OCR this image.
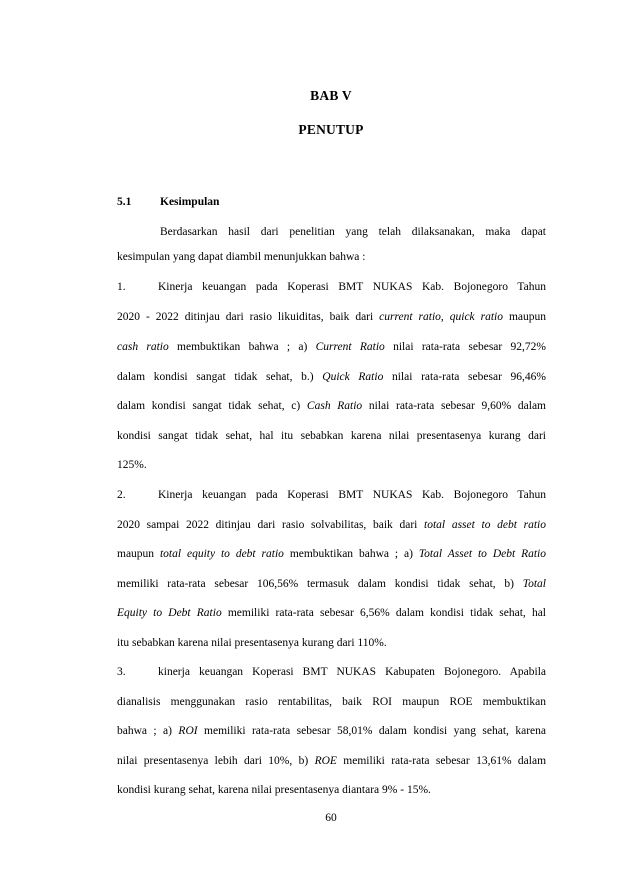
BAB V
PENUTUP
5.1 Kesimpulan
Berdasarkan hasil dari penelitian yang telah dilaksanakan, maka dapat
kesimpulan yang dapat diambil menunjukkan bahwa :
1.	Kinerja keuangan pada Koperasi BMT NUKAS Kab. Bojonegoro Tahun
2020 - 2022 ditinjau dari rasio likuiditas, baik dari current ratio, quick ratio maupun
cash ratio membuktikan bahwa ; a) Current Ratio nilai rata-rata sebesar 92,72%
dalam kondisi sangat tidak sehat, b.) Quick Ratio nilai rata-rata sebesar 96,46%
dalam kondisi sangat tidak sehat, c) Cash Ratio nilai rata-rata sebesar 9,60% dalam
kondisi sangat tidak sehat, hal itu sebabkan karena nilai presentasenya kurang dari
125%.
2.	Kinerja keuangan pada Koperasi BMT NUKAS Kab. Bojonegoro Tahun
2020 sampai 2022 ditinjau dari rasio solvabilitas, baik dari total asset to debt ratio
maupun total equity to debt ratio membuktikan bahwa ; a) Total Asset to Debt Ratio
memiliki rata-rata sebesar 106,56% termasuk dalam kondisi tidak sehat, b) Total
Equity to Debt Ratio memiliki rata-rata sebesar 6,56% dalam kondisi tidak sehat, hal
itu sebabkan karena nilai presentasenya kurang dari 110%.
3.	kinerja keuangan Koperasi BMT NUKAS Kabupaten Bojonegoro. Apabila
dianalisis menggunakan rasio rentabilitas, baik ROI maupun ROE membuktikan
bahwa ; a) ROI memiliki rata-rata sebesar 58,01% dalam kondisi yang sehat, karena
nilai presentasenya lebih dari 10%, b) ROE memiliki rata-rata sebesar 13,61% dalam
kondisi kurang sehat, karena nilai presentasenya diantara 9% - 15%.
60
